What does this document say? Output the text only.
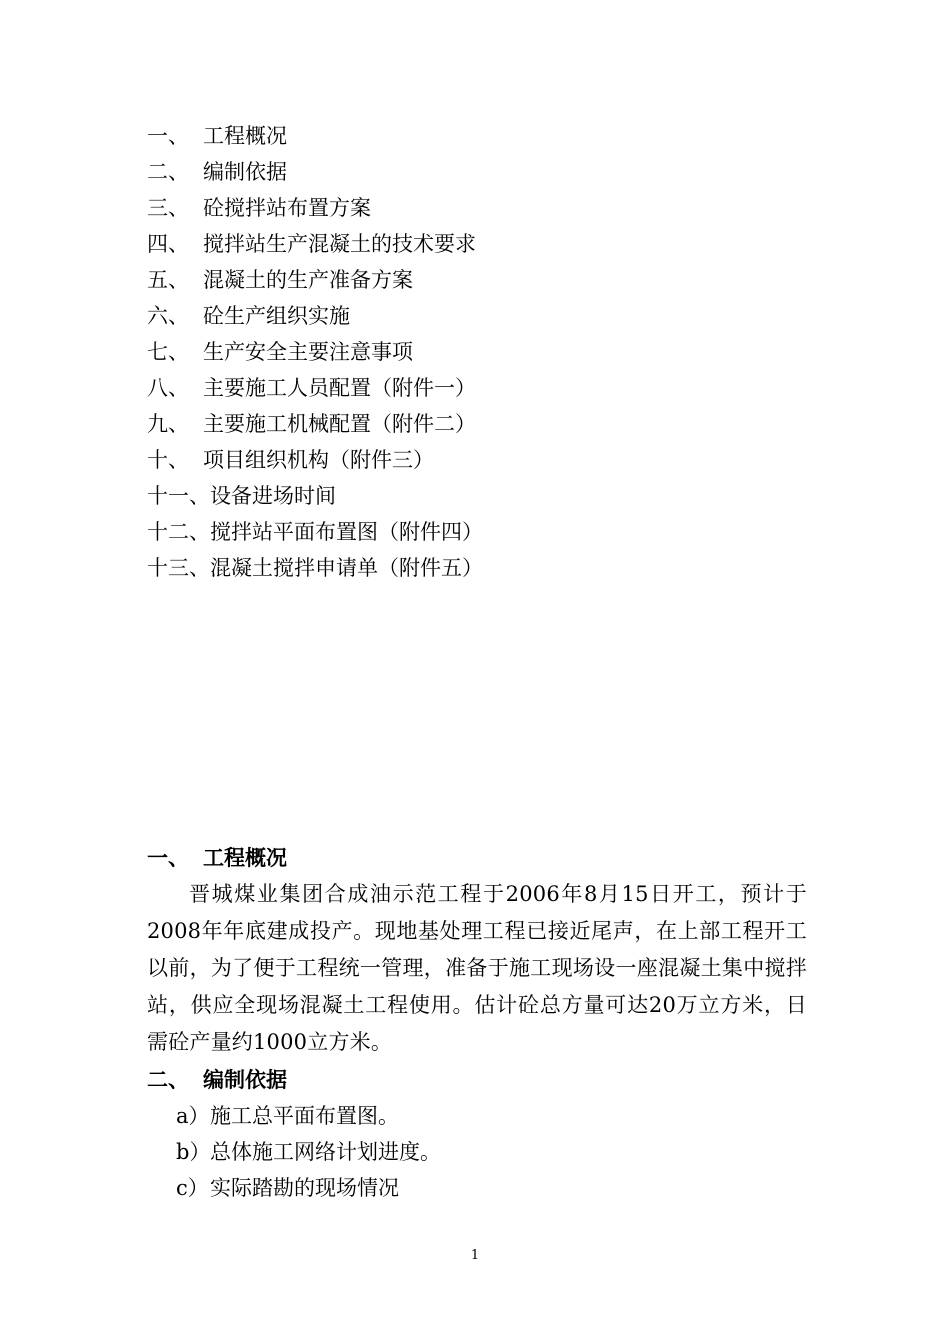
一、 工程概况
二、 编制依据
三、 砼搅拌站布置方案
四、 搅拌站生产混凝土的技术要求
五、 混凝土的生产准备方案
六、 砼生产组织实施
七、 生产安全主要注意事项
八、 主要施工人员配置（附件一）
九、 主要施工机械配置（附件二）
十、 项目组织机构（附件三）
十一、设备进场时间
十二、搅拌站平面布置图（附件四）
十三、混凝土搅拌申请单（附件五）
一、 工程概况

晋城煤业集团合成油示范工程于2006年8月15日开工，预计于2008年年底建成投产。现地基处理工程已接近尾声，在上部工程开工以前，为了便于工程统一管理，准备于施工现场设一座混凝土集中搅拌站，供应全现场混凝土工程使用。估计砼总方量可达20万立方米，日需砼产量约1000立方米。

二、 编制依据
a）施工总平面布置图。
b）总体施工网络计划进度。
c）实际踏勘的现场情况
1
